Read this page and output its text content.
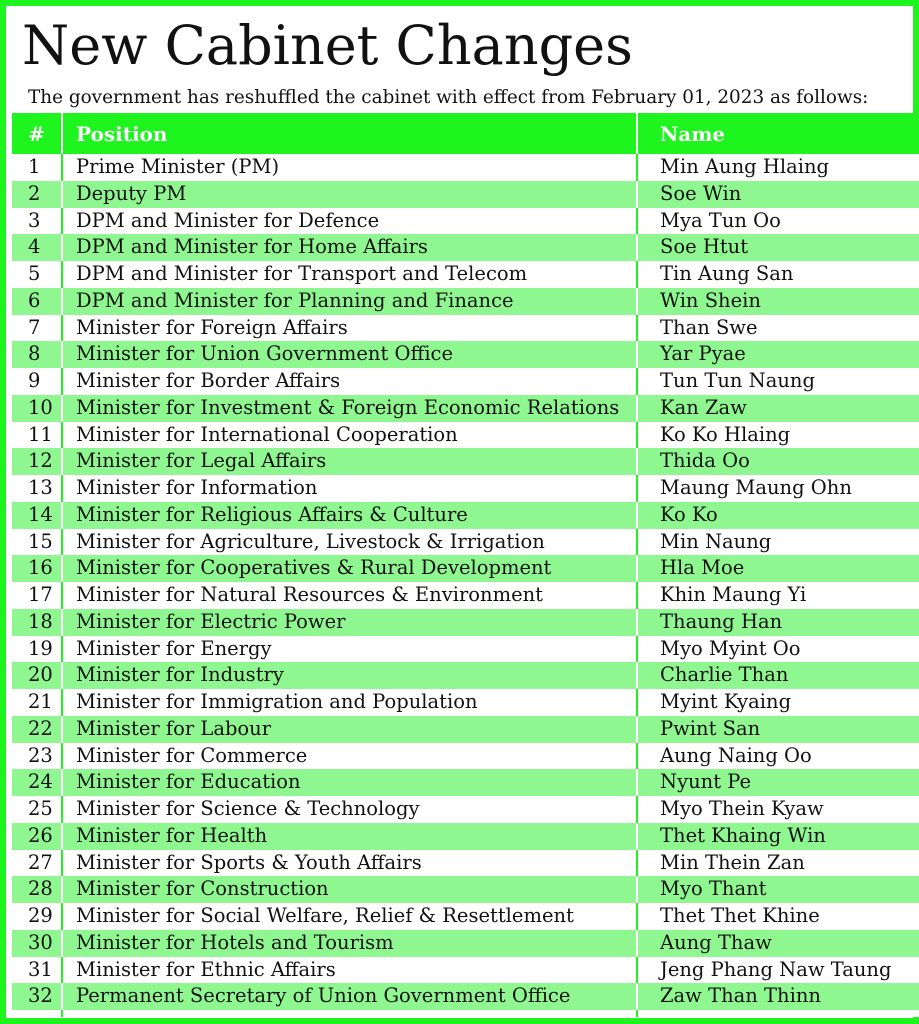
New Cabinet Changes
The government has reshuffled the cabinet with effect from February 01, 2023 as follows:
#	Position	Name
1	Prime Minister (PM)	Min Aung Hlaing
2	Deputy PM	Soe Win
3	DPM and Minister for Defence	Mya Tun Oo
4	DPM and Minister for Home Affairs	Soe Htut
5	DPM and Minister for Transport and Telecom	Tin Aung San
6	DPM and Minister for Planning and Finance	Win Shein
7	Minister for Foreign Affairs	Than Swe
8	Minister for Union Government Office	Yar Pyae
9	Minister for Border Affairs	Tun Tun Naung
10	Minister for Investment & Foreign Economic Relations	Kan Zaw
11	Minister for International Cooperation	Ko Ko Hlaing
12	Minister for Legal Affairs	Thida Oo
13	Minister for Information	Maung Maung Ohn
14	Minister for Religious Affairs & Culture	Ko Ko
15	Minister for Agriculture, Livestock & Irrigation	Min Naung
16	Minister for Cooperatives & Rural Development	Hla Moe
17	Minister for Natural Resources & Environment	Khin Maung Yi
18	Minister for Electric Power	Thaung Han
19	Minister for Energy	Myo Myint Oo
20	Minister for Industry	Charlie Than
21	Minister for Immigration and Population	Myint Kyaing
22	Minister for Labour	Pwint San
23	Minister for Commerce	Aung Naing Oo
24	Minister for Education	Nyunt Pe
25	Minister for Science & Technology	Myo Thein Kyaw
26	Minister for Health	Thet Khaing Win
27	Minister for Sports & Youth Affairs	Min Thein Zan
28	Minister for Construction	Myo Thant
29	Minister for Social Welfare, Relief & Resettlement	Thet Thet Khine
30	Minister for Hotels and Tourism	Aung Thaw
31	Minister for Ethnic Affairs	Jeng Phang Naw Taung
32	Permanent Secretary of Union Government Office	Zaw Than Thinn
